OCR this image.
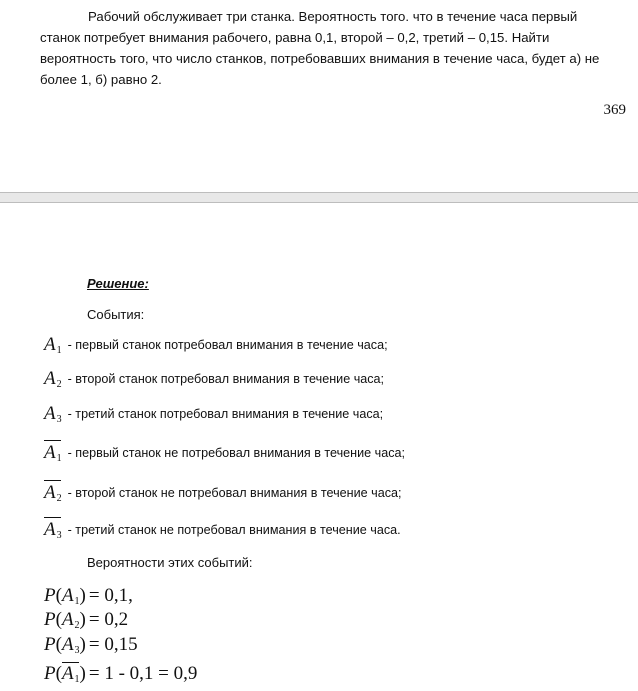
Рабочий обслуживает три станка. Вероятность того. что в течение часа первый станок потребует внимания рабочего, равна 0,1, второй – 0,2, третий – 0,15. Найти вероятность того, что число станков, потребовавших внимания в течение часа, будет а) не более 1, б) равно 2.

369
Решение:
События:
$A_1$ - первый станок потребовал внимания в течение часа;
$A_2$ - второй станок потребовал внимания в течение часа;
$A_3$ - третий станок потребовал внимания в течение часа;
$A_1$ - первый станок не потребовал внимания в течение часа;
$A_2$ - второй станок не потребовал внимания в течение часа;
$A_3$ - третий станок не потребовал внимания в течение часа.
Вероятности этих событий:
P ( $A_1$ ) = 0,1,
P ( $A_2$ ) = 0,2
P ( $A_3$ ) = 0,15
P ( $A_1$ ) = 1 - 0,1 = 0,9
